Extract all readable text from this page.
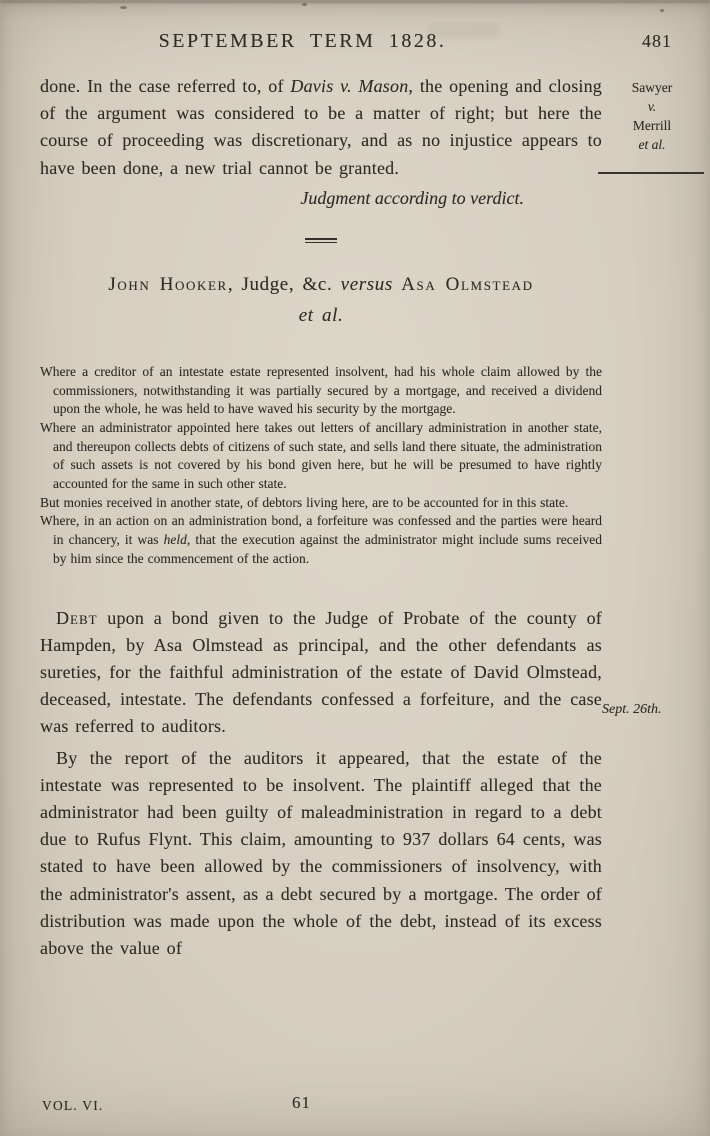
SEPTEMBER TERM 1828.	481

done. In the case referred to, of Davis v. Mason, the opening and closing of the argument was considered to be a matter of right; but here the course of proceeding was discretionary, and as no injustice appears to have been done, a new trial cannot be granted.

Judgment according to verdict.

John Hooker, Judge, &c. versus Asa Olmstead
et al.

Where a creditor of an intestate estate represented insolvent, had his whole claim allowed by the commissioners, notwithstanding it was partially secured by a mortgage, and received a dividend upon the whole, he was held to have waved his security by the mortgage.

Where an administrator appointed here takes out letters of ancillary administration in another state, and thereupon collects debts of citizens of such state, and sells land there situate, the administration of such assets is not covered by his bond given here, but he will be presumed to have rightly accounted for the same in such other state.

But monies received in another state, of debtors living here, are to be accounted for in this state.

Where, in an action on an administration bond, a forfeiture was confessed and the parties were heard in chancery, it was held, that the execution against the administrator might include sums received by him since the commencement of the action.

Debt upon a bond given to the Judge of Probate of the county of Hampden, by Asa Olmstead as principal, and the other defendants as sureties, for the faithful administration of the estate of David Olmstead, deceased, intestate. The defendants confessed a forfeiture, and the case was referred to auditors.

By the report of the auditors it appeared, that the estate of the intestate was represented to be insolvent. The plaintiff alleged that the administrator had been guilty of maleadministration in regard to a debt due to Rufus Flynt. This claim, amounting to 937 dollars 64 cents, was stated to have been allowed by the commissioners of insolvency, with the administrator's assent, as a debt secured by a mortgage. The order of distribution was made upon the whole of the debt, instead of its excess above the value of

Sawyer
v.
Merrill
et al.
Sept. 26th.
VOL. VI.	61
